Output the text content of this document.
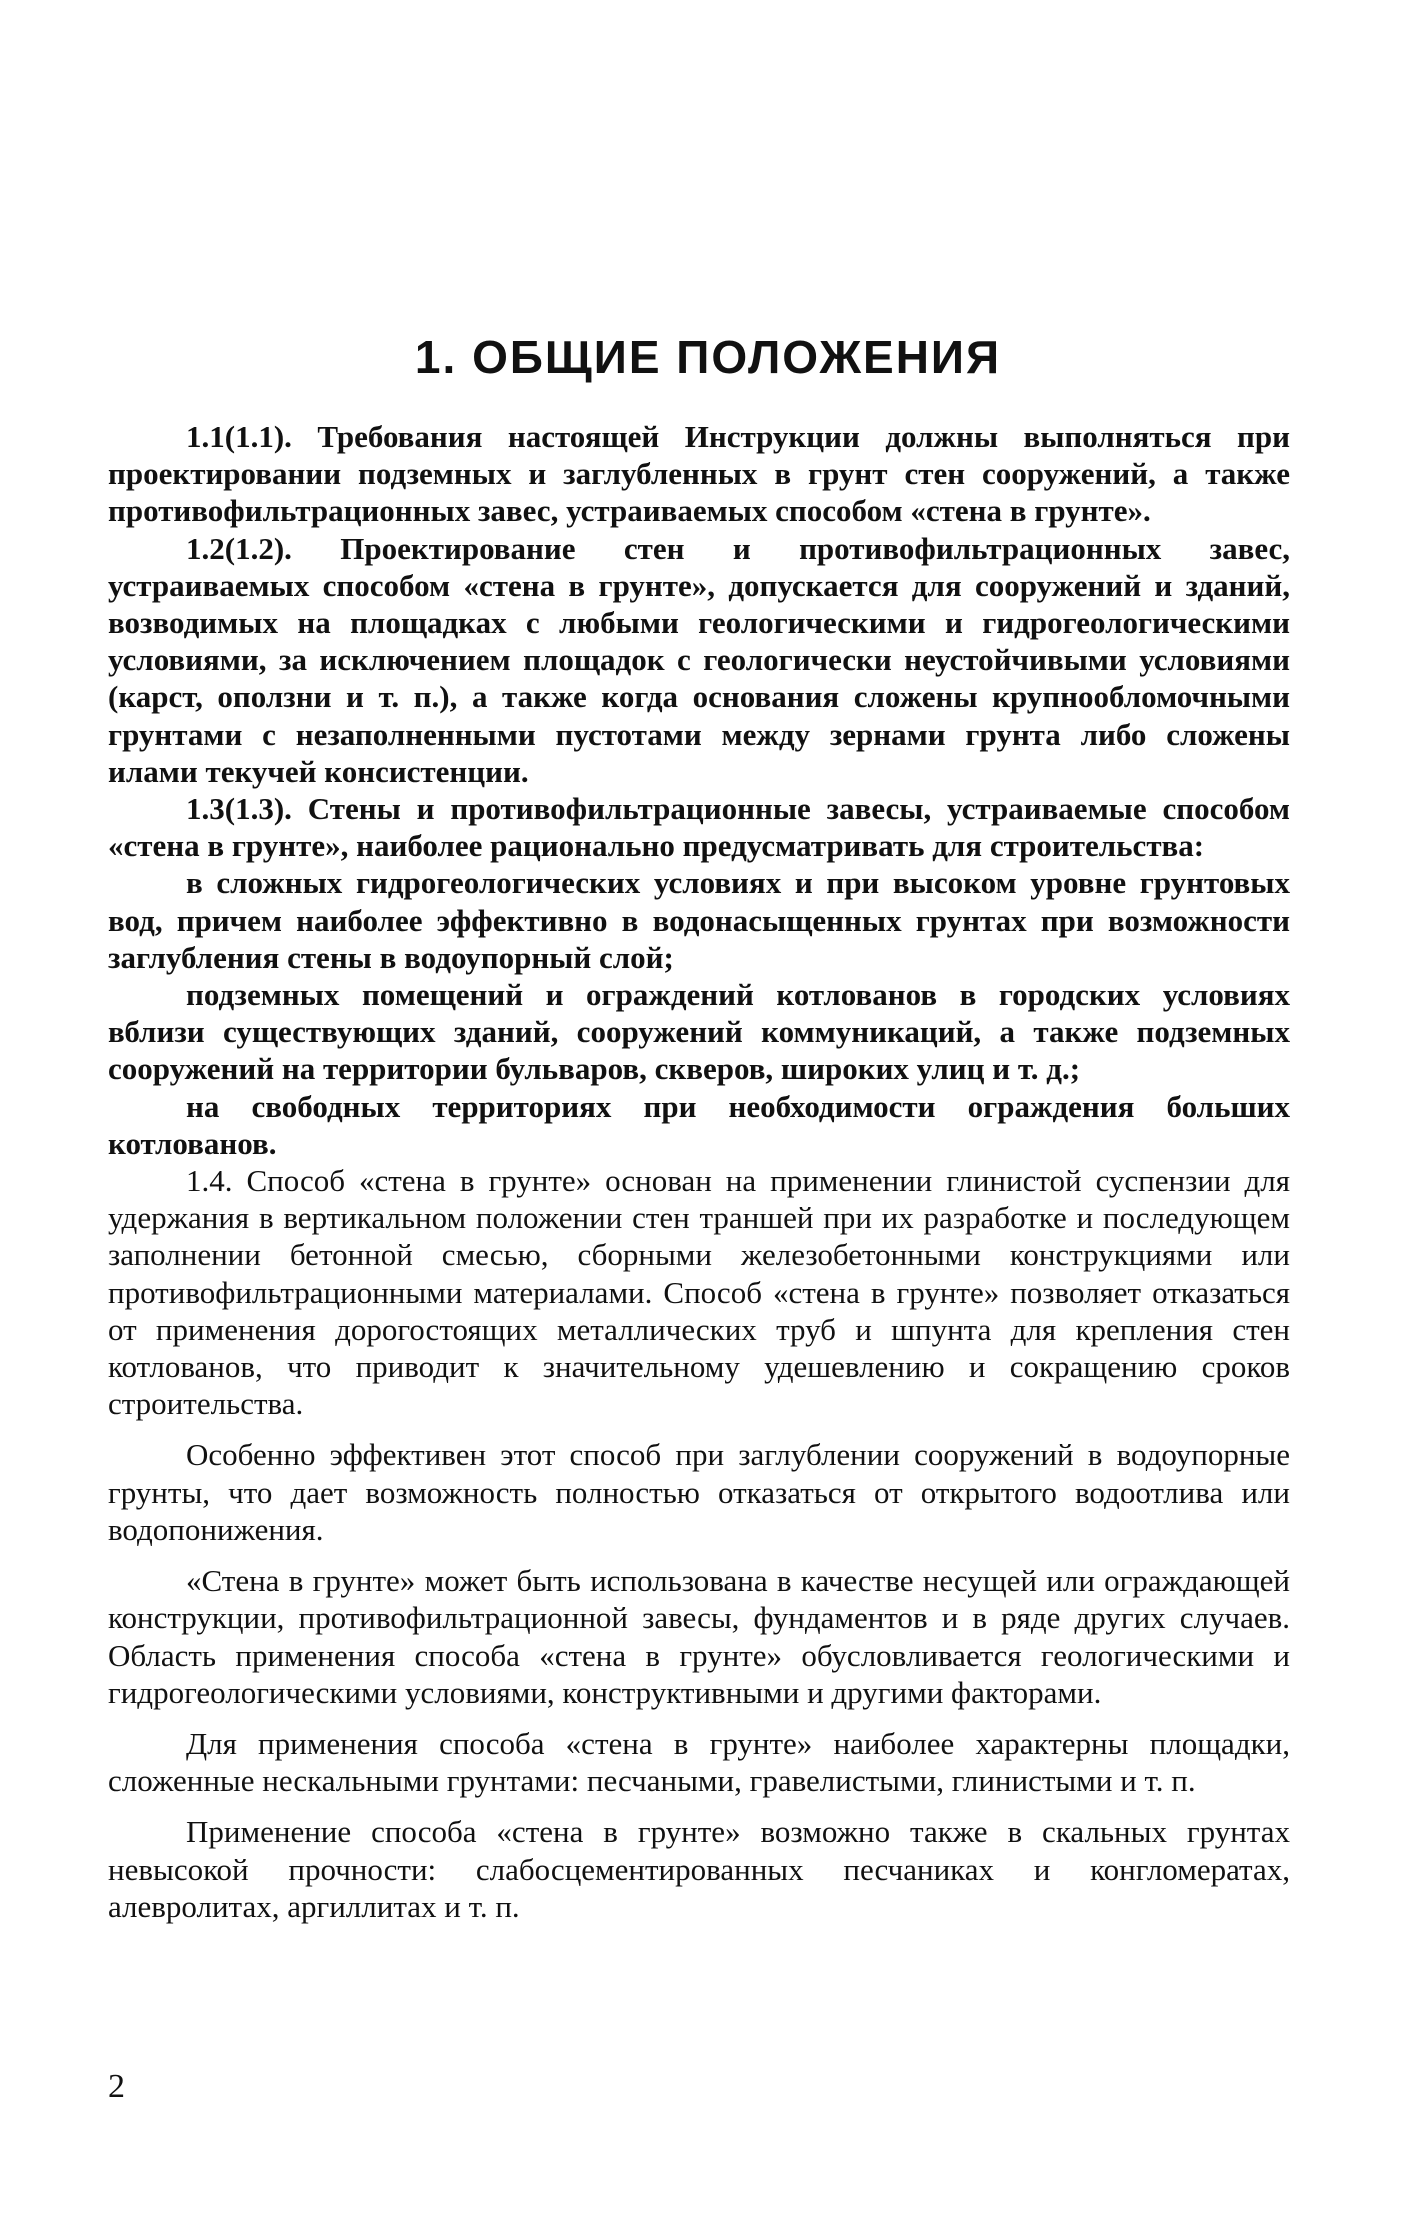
1. ОБЩИЕ ПОЛОЖЕНИЯ

1.1(1.1). Требования настоящей Инструкции должны выполняться при проектировании подземных и заглубленных в грунт стен сооружений, а также противофильтрационных завес, устраиваемых способом «стена в грунте».

1.2(1.2). Проектирование стен и противофильтрационных завес, устраиваемых способом «стена в грунте», допускается для сооружений и зданий, возводимых на площадках с любыми геологическими и гидрогеологическими условиями, за исключением площадок с геологически неустойчивыми условиями (карст, оползни и т. п.), а также когда основания сложены крупнообломочными грунтами с незаполненными пустотами между зернами грунта либо сложены илами текучей консистенции.

1.3(1.3). Стены и противофильтрационные завесы, устраиваемые способом «стена в грунте», наиболее рационально предусматривать для строительства:

в сложных гидрогеологических условиях и при высоком уровне грунтовых вод, причем наиболее эффективно в водонасыщенных грунтах при возможности заглубления стены в водоупорный слой;

подземных помещений и ограждений котлованов в городских условиях вблизи существующих зданий, сооружений коммуникаций, а также подземных сооружений на территории бульваров, скверов, широких улиц и т. д.;

на свободных территориях при необходимости ограждения больших котлованов.

1.4. Способ «стена в грунте» основан на применении глинистой суспензии для удержания в вертикальном положении стен траншей при их разработке и последующем заполнении бетонной смесью, сборными железобетонными конструкциями или противофильтрационными материалами. Способ «стена в грунте» позволяет отказаться от применения дорогостоящих металлических труб и шпунта для крепления стен котлованов, что приводит к значительному удешевлению и сокращению сроков строительства.

Особенно эффективен этот способ при заглублении сооружений в водоупорные грунты, что дает возможность полностью отказаться от открытого водоотлива или водопонижения.

«Стена в грунте» может быть использована в качестве несущей или ограждающей конструкции, противофильтрационной завесы, фундаментов и в ряде других случаев. Область применения способа «стена в грунте» обусловливается геологическими и гидрогеологическими условиями, конструктивными и другими факторами.

Для применения способа «стена в грунте» наиболее характерны площадки, сложенные нескальными грунтами: песчаными, гравелистыми, глинистыми и т. п.

Применение способа «стена в грунте» возможно также в скальных грунтах невысокой прочности: слабосцементированных песчаниках и конгломератах, алевролитах, аргиллитах и т. п.

2
